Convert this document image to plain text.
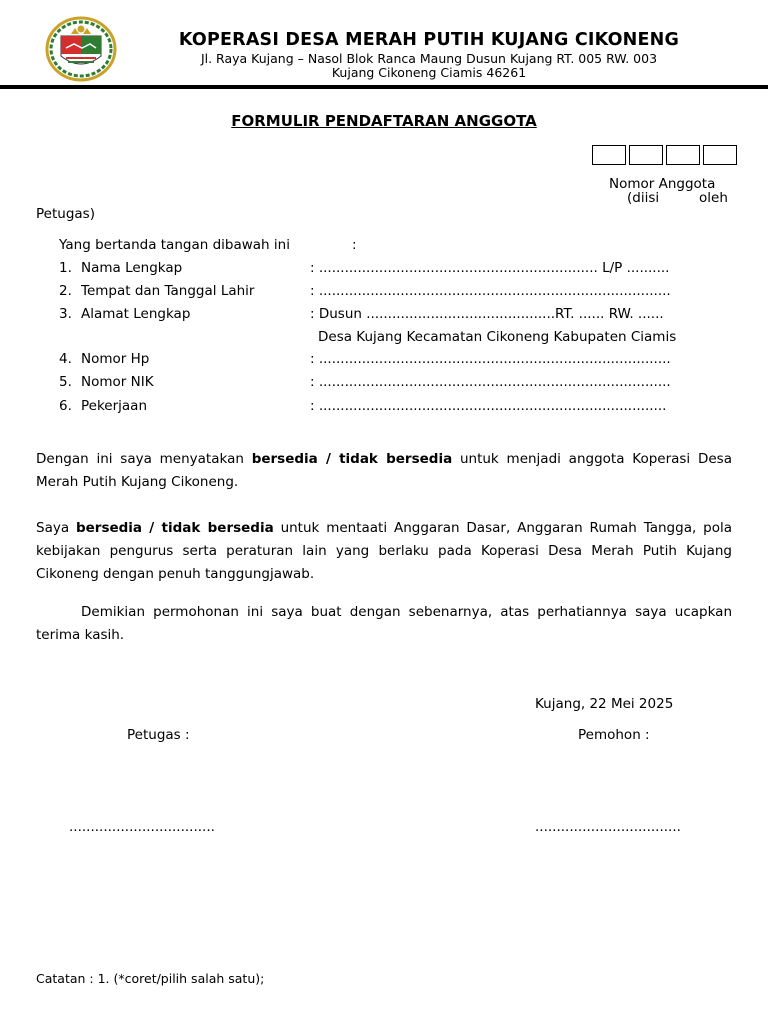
KOPERASI DESA MERAH PUTIH KUJANG CIKONENG
Jl. Raya Kujang – Nasol Blok Ranca Maung Dusun Kujang RT. 005 RW. 003
Kujang Cikoneng Ciamis 46261
FORMULIR PENDAFTARAN ANGGOTA
Nomor Anggota
(diisi	oleh
Petugas)
Yang bertanda tangan dibawah ini	:
1. Nama Lengkap	: ................................................................. L/P ..........
2. Tempat dan Tanggal Lahir	: ..................................................................................
3. Alamat Lengkap	: Dusun ............................................RT. ...... RW. ......
Desa Kujang Kecamatan Cikoneng Kabupaten Ciamis
4. Nomor Hp	: ..................................................................................
5. Nomor NIK	: ..................................................................................
6. Pekerjaan	: .................................................................................
Dengan ini saya menyatakan bersedia / tidak bersedia untuk menjadi anggota Koperasi Desa Merah Putih Kujang Cikoneng.
Saya bersedia / tidak bersedia untuk mentaati Anggaran Dasar, Anggaran Rumah Tangga, pola kebijakan pengurus serta peraturan lain yang berlaku pada Koperasi Desa Merah Putih Kujang Cikoneng dengan penuh tanggungjawab.
Demikian permohonan ini saya buat dengan sebenarnya, atas perhatiannya saya ucapkan terima kasih.
Kujang, 22 Mei 2025
Petugas :	Pemohon :
..................................	..................................
Catatan : 1. (*coret/pilih salah satu);
